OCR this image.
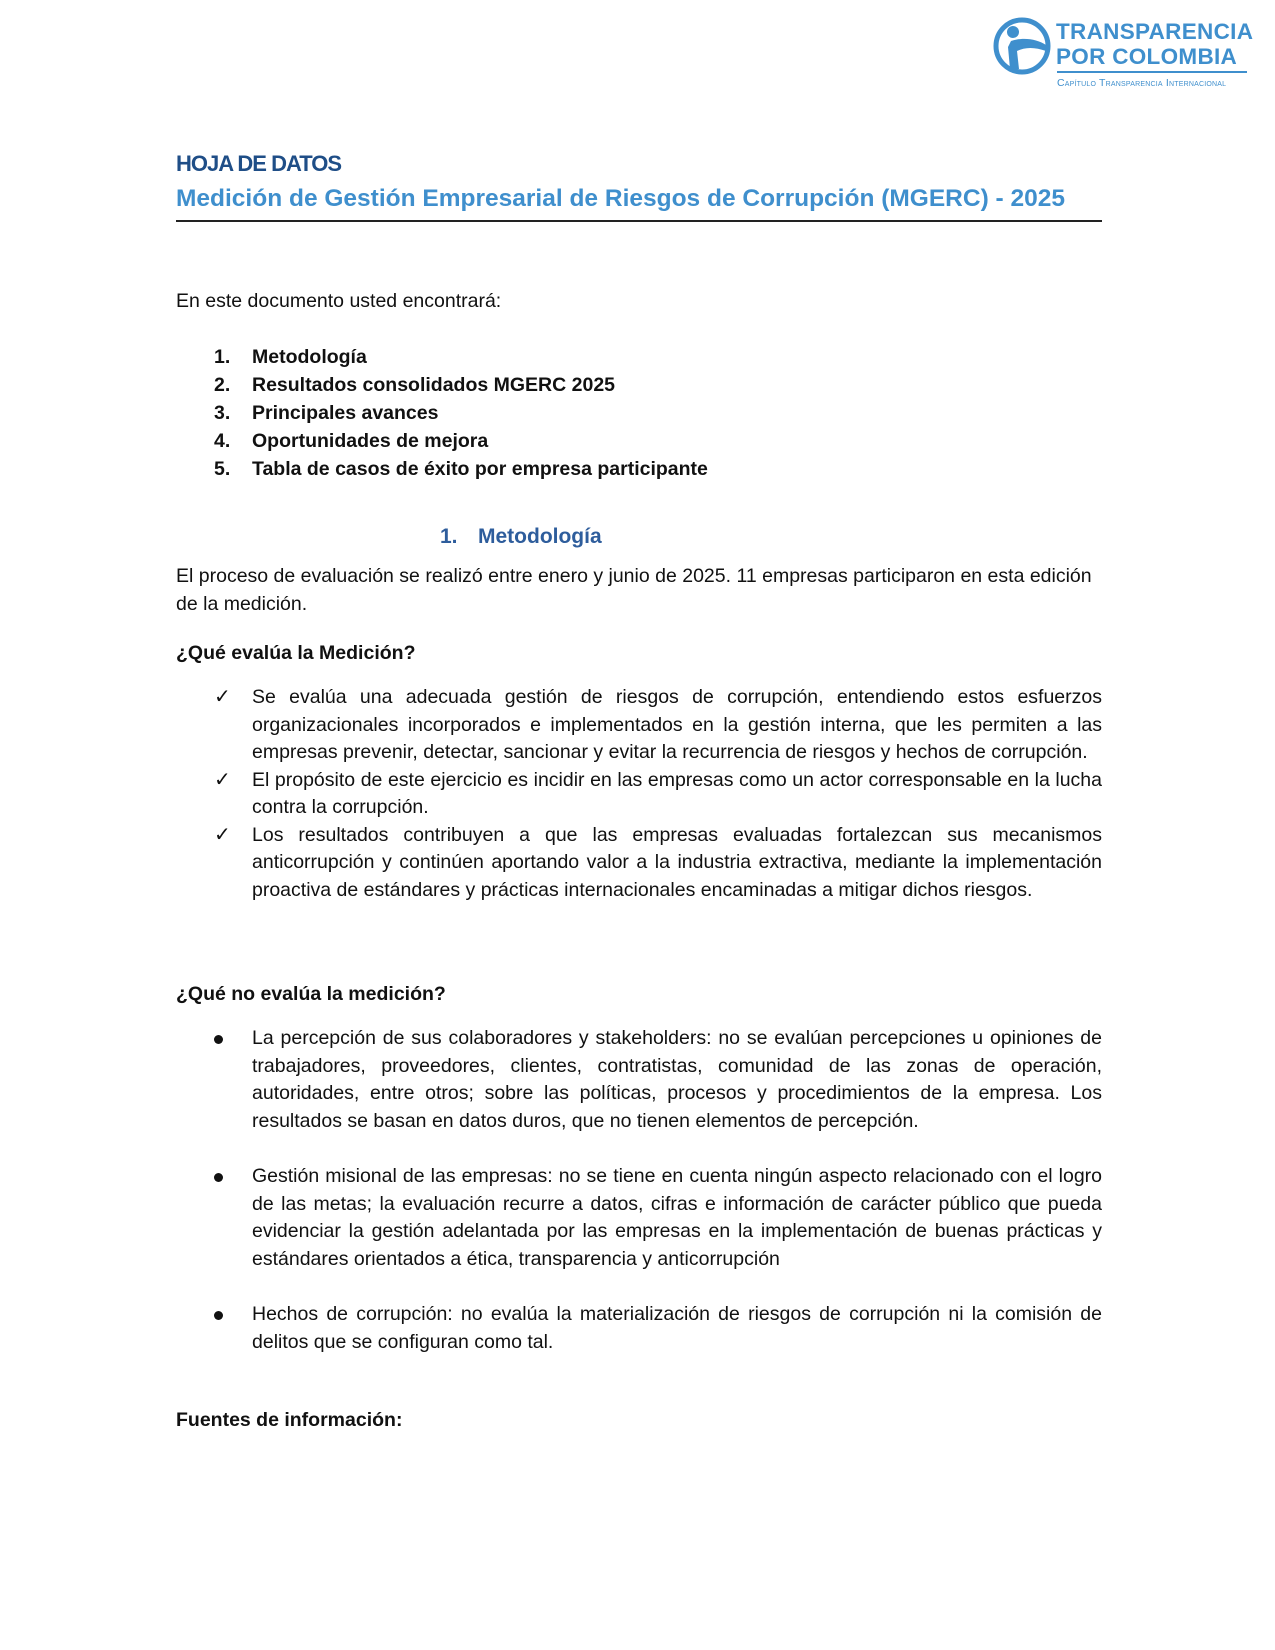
TRANSPARENCIA
POR COLOMBIA
Capítulo Transparencia Internacional
HOJA DE DATOS
Medición de Gestión Empresarial de Riesgos de Corrupción (MGERC) - 2025
En este documento usted encontrará:
1. Metodología
2. Resultados consolidados MGERC 2025
3. Principales avances
4. Oportunidades de mejora
5. Tabla de casos de éxito por empresa participante
1. Metodología
El proceso de evaluación se realizó entre enero y junio de 2025. 11 empresas participaron en esta edición de la medición.
¿Qué evalúa la Medición?
✓ Se evalúa una adecuada gestión de riesgos de corrupción, entendiendo estos esfuerzos organizacionales incorporados e implementados en la gestión interna, que les permiten a las empresas prevenir, detectar, sancionar y evitar la recurrencia de riesgos y hechos de corrupción.
✓ El propósito de este ejercicio es incidir en las empresas como un actor corresponsable en la lucha contra la corrupción.
✓ Los resultados contribuyen a que las empresas evaluadas fortalezcan sus mecanismos anticorrupción y continúen aportando valor a la industria extractiva, mediante la implementación proactiva de estándares y prácticas internacionales encaminadas a mitigar dichos riesgos.
¿Qué no evalúa la medición?
La percepción de sus colaboradores y stakeholders: no se evalúan percepciones u opiniones de trabajadores, proveedores, clientes, contratistas, comunidad de las zonas de operación, autoridades, entre otros; sobre las políticas, procesos y procedimientos de la empresa. Los resultados se basan en datos duros, que no tienen elementos de percepción.
Gestión misional de las empresas: no se tiene en cuenta ningún aspecto relacionado con el logro de las metas; la evaluación recurre a datos, cifras e información de carácter público que pueda evidenciar la gestión adelantada por las empresas en la implementación de buenas prácticas y estándares orientados a ética, transparencia y anticorrupción
Hechos de corrupción: no evalúa la materialización de riesgos de corrupción ni la comisión de delitos que se configuran como tal.
Fuentes de información:
